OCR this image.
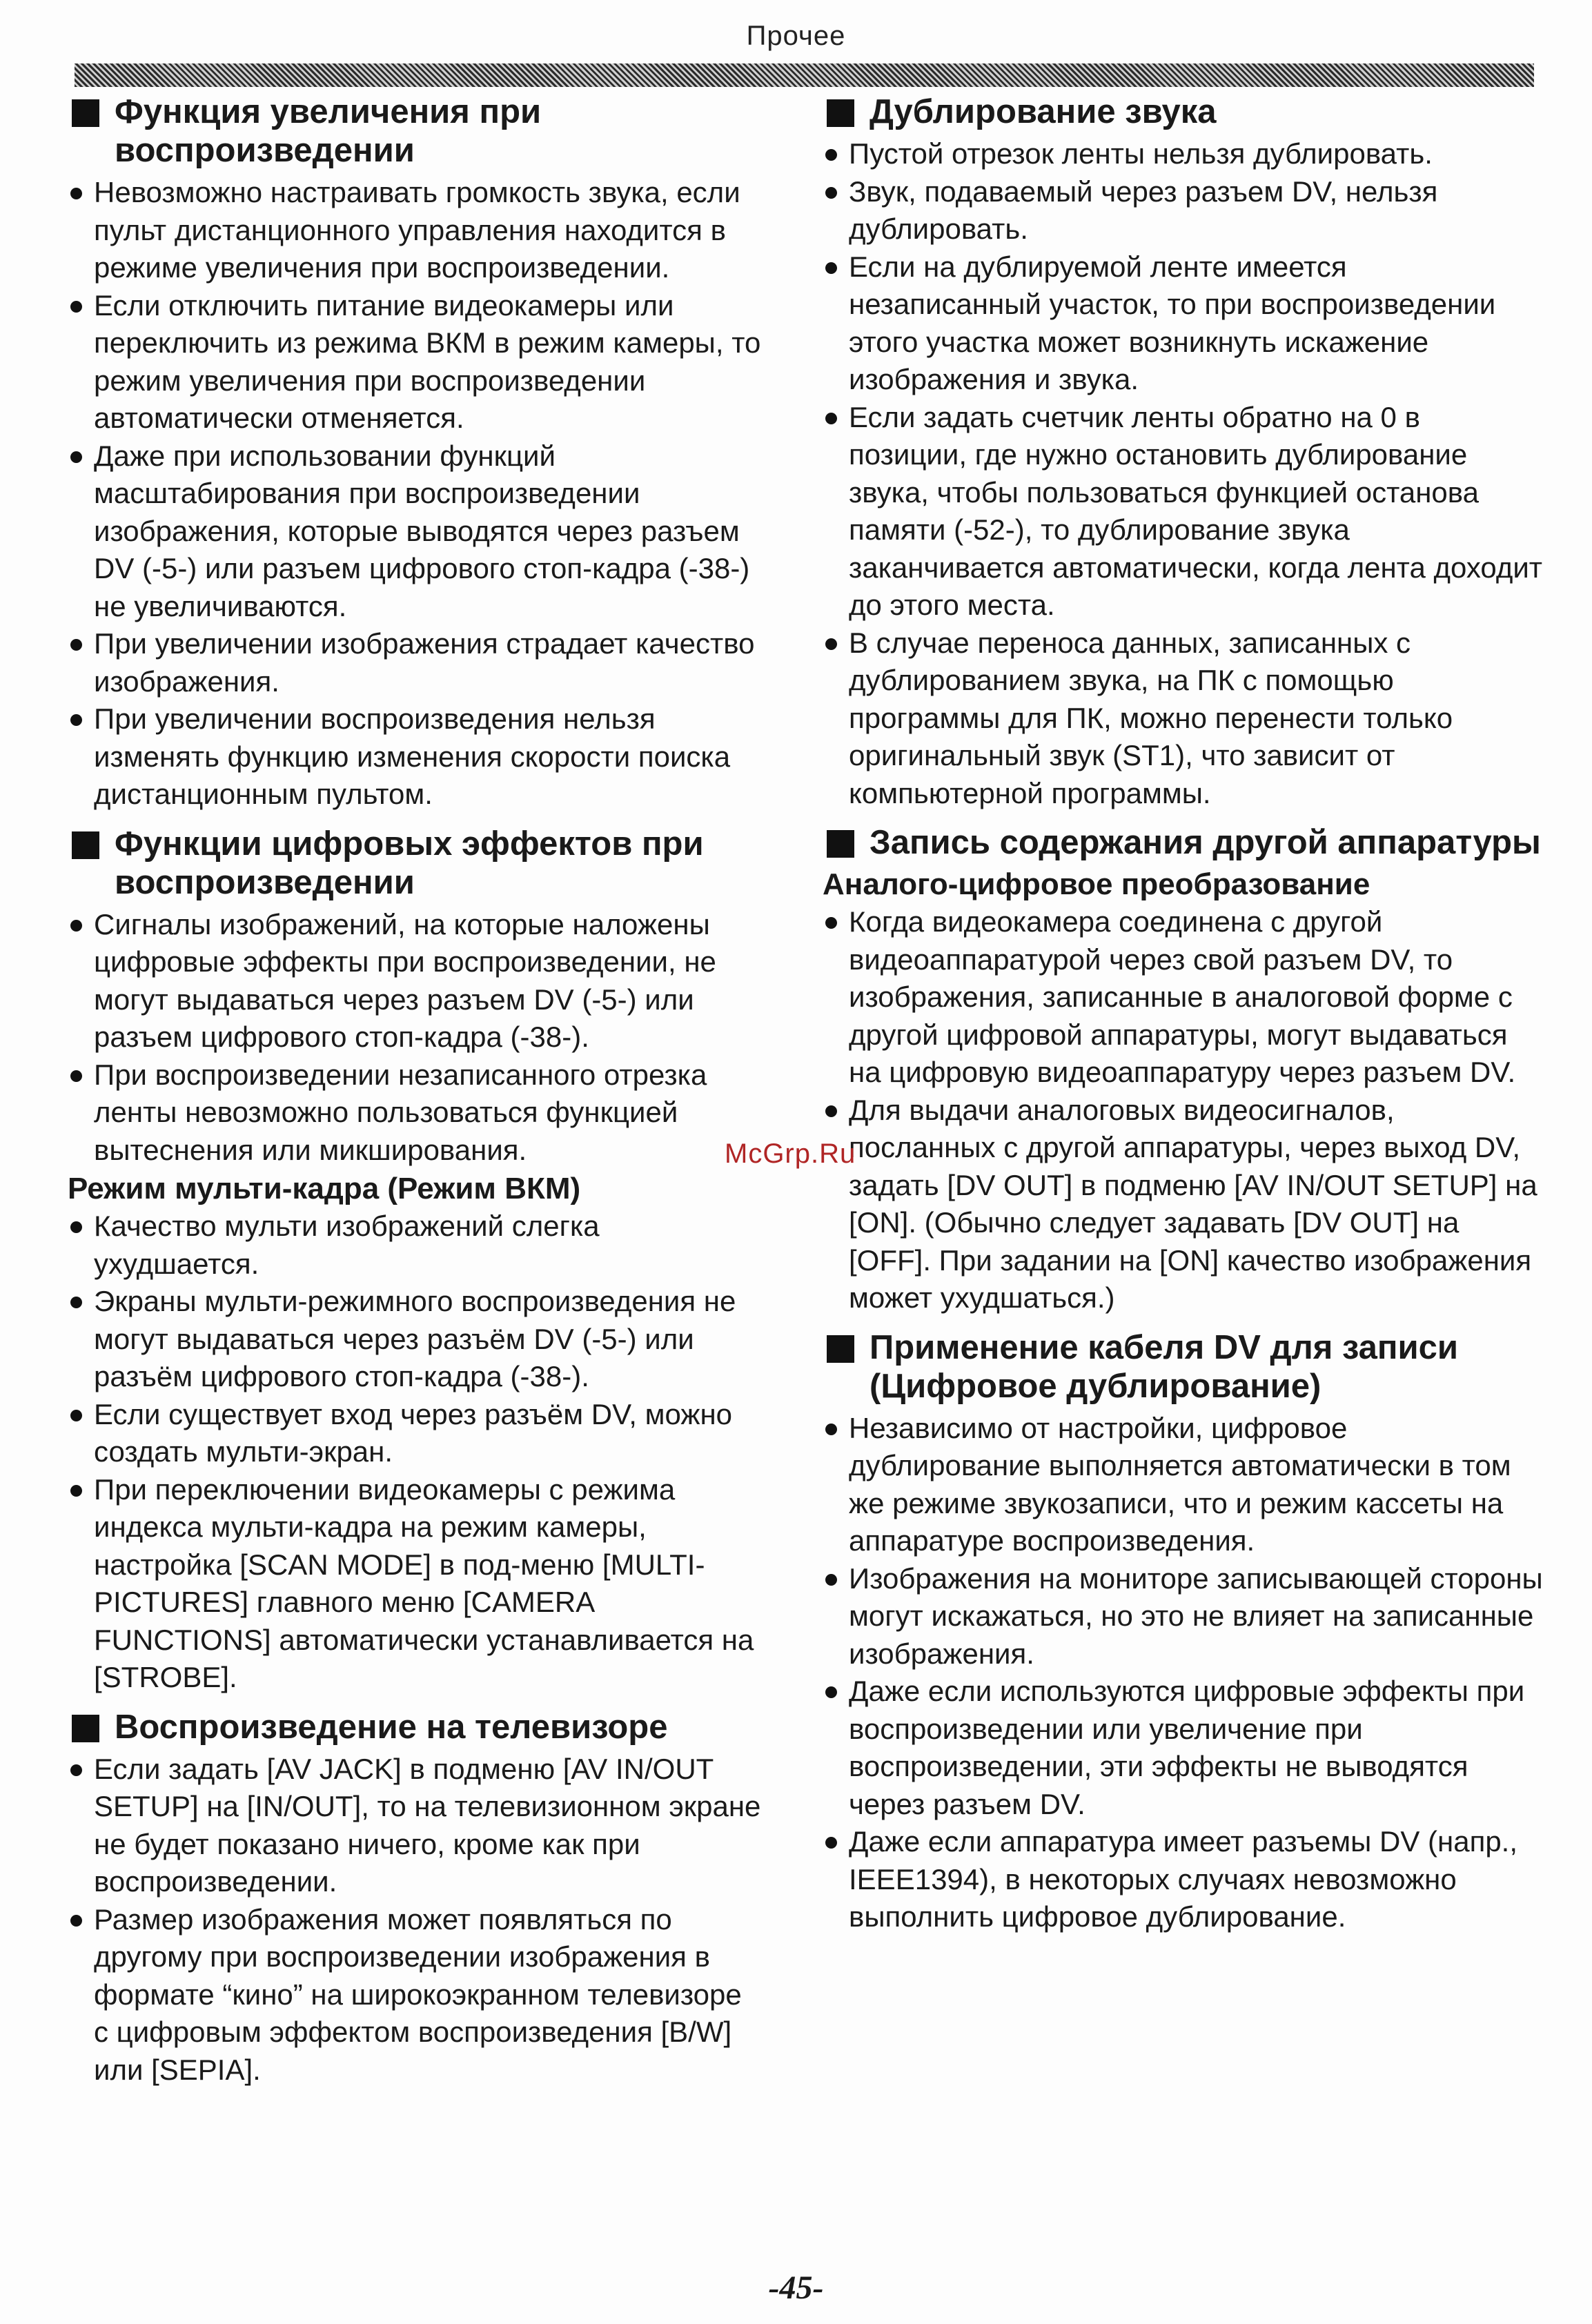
Прочее
Функция увеличения при воспроизведении

Невозможно настраивать громкость звука, если пульт дистанционного управления находится в режиме увеличения при воспроизведении.

Если отключить питание видеокамеры или переключить из режима ВКМ в режим камеры, то режим увеличения при воспроизведении автоматически отменяется.

Даже при использовании функций масштабирования при воспроизведении изображения, которые выводятся через разъем DV (-5-) или разъем цифрового стоп-кадра (-38-) не увеличиваются.

При увеличении изображения страдает качество изображения.

При увеличении воспроизведения нельзя изменять функцию изменения скорости поиска дистанционным пультом.

Функции цифровых эффектов при воспроизведении

Сигналы изображений, на которые наложены цифровые эффекты при воспроизведении, не могут выдаваться через разъем DV (-5-) или разъем цифрового стоп-кадра (-38-).

При воспроизведении незаписанного отрезка ленты невозможно пользоваться функцией вытеснения или микширования.

Режим мульти-кадра (Режим ВКМ)

Качество мульти изображений слегка ухудшается.

Экраны мульти-режимного воспроизведения не могут выдаваться через разъём DV (-5-) или разъём цифрового стоп-кадра (-38-).

Если существует вход через разъём DV, можно создать мульти-экран.

При переключении видеокамеры с режима индекса мульти-кадра на режим камеры, настройка [SCAN MODE] в под-меню [MULTI-PICTURES] главного меню [CAMERA FUNCTIONS] автоматически устанавливается на [STROBE].

Воспроизведение на телевизоре

Если задать [AV JACK] в подменю [AV IN/OUT SETUP] на [IN/OUT], то на телевизионном экране не будет показано ничего, кроме как при воспроизведении.

Размер изображения может появляться по другому при воспроизведении изображения в формате “кино” на широкоэкранном телевизоре с цифровым эффектом воспроизведения [B/W] или [SEPIA].

Дублирование звука

Пустой отрезок ленты нельзя дублировать.

Звук, подаваемый через разъем DV, нельзя дублировать.

Если на дублируемой ленте имеется незаписанный участок, то при воспроизведении этого участка может возникнуть искажение изображения и звука.

Если задать счетчик ленты обратно на 0 в позиции, где нужно остановить дублирование звука, чтобы пользоваться функцией останова памяти (-52-), то дублирование звука заканчивается автоматически, когда лента доходит до этого места.

В случае переноса данных, записанных с дублированием звука, на ПК с помощью программы для ПК, можно перенести только оригинальный звук (ST1), что зависит от компьютерной программы.

Запись содержания другой аппаратуры
Аналого-цифровое преобразование

Когда видеокамера соединена с другой видеоаппаратурой через свой разъем DV, то изображения, записанные в аналоговой форме с другой цифровой аппаратуры, могут выдаваться на цифровую видеоаппаратуру через разъем DV.

Для выдачи аналоговых видеосигналов, посланных с другой аппаратуры, через выход DV, задать [DV OUT] в подменю [AV IN/OUT SETUP] на [ON]. (Обычно следует задавать [DV OUT] на [OFF]. При задании на [ON] качество изображения может ухудшаться.)

Применение кабеля DV для записи (Цифровое дублирование)

Независимо от настройки, цифровое дублирование выполняется автоматически в том же режиме звукозаписи, что и режим кассеты на аппаратуре воспроизведения.

Изображения на мониторе записывающей стороны могут искажаться, но это не влияет на записанные изображения.

Даже если используются цифровые эффекты при воспроизведении или увеличение при воспроизведении, эти эффекты не выводятся через разъем DV.

Даже если аппаратура имеет разъемы DV (напр., IEEE1394), в некоторых случаях невозможно выполнить цифровое дублирование.

McGrp.Ru
-45-
